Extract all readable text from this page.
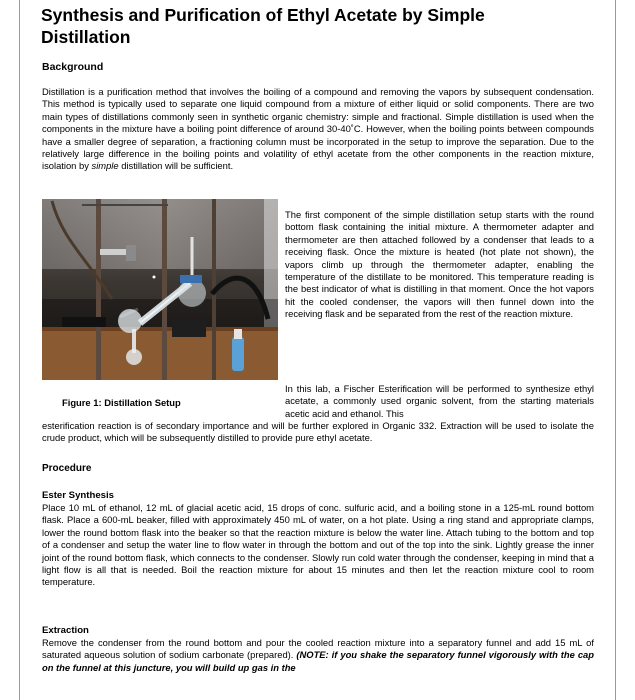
Synthesis and Purification of Ethyl Acetate by Simple Distillation
Background

Distillation is a purification method that involves the boiling of a compound and removing the vapors by subsequent condensation. This method is typically used to separate one liquid compound from a mixture of either liquid or solid components. There are two main types of distillations commonly seen in synthetic organic chemistry: simple and fractional. Simple distillation is used when the components in the mixture have a boiling point difference of around 30-40˚C. However, when the boiling points between compounds have a smaller degree of separation, a fractioning column must be incorporated in the setup to improve the separation. Due to the relatively large difference in the boiling points and volatility of ethyl acetate from the other components in the reaction mixture, isolation by simple distillation will be sufficient.

The first component of the simple distillation setup starts with the round bottom flask containing the initial mixture. A thermometer adapter and thermometer are then attached followed by a condenser that leads to a receiving flask. Once the mixture is heated (hot plate not shown), the vapors climb up through the thermometer adapter, enabling the temperature of the distillate to be monitored. This temperature reading is the best indicator of what is distilling in that moment. Once the hot vapors hit the cooled condenser, the vapors will then funnel down into the receiving flask and be separated from the rest of the reaction mixture.

Figure 1: Distillation Setup

In this lab, a Fischer Esterification will be performed to synthesize ethyl acetate, a commonly used organic solvent, from the starting materials acetic acid and ethanol. This

esterification reaction is of secondary importance and will be further explored in Organic 332. Extraction will be used to isolate the crude product, which will be subsequently distilled to provide pure ethyl acetate.

Procedure
Ester Synthesis

Place 10 mL of ethanol, 12 mL of glacial acetic acid, 15 drops of conc. sulfuric acid, and a boiling stone in a 125-mL round bottom flask. Place a 600-mL beaker, filled with approximately 450 mL of water, on a hot plate. Using a ring stand and appropriate clamps, lower the round bottom flask into the beaker so that the reaction mixture is below the water line. Attach tubing to the bottom and top of a condenser and setup the water line to flow water in through the bottom and out of the top into the sink. Lightly grease the inner joint of the round bottom flask, which connects to the condenser. Slowly run cold water through the condenser, keeping in mind that a light flow is all that is needed. Boil the reaction mixture for about 15 minutes and then let the reaction mixture cool to room temperature.

Extraction

Remove the condenser from the round bottom and pour the cooled reaction mixture into a separatory funnel and add 15 mL of saturated aqueous solution of sodium carbonate (prepared). (NOTE: if you shake the separatory funnel vigorously with the cap on the funnel at this juncture, you will build up gas in the
